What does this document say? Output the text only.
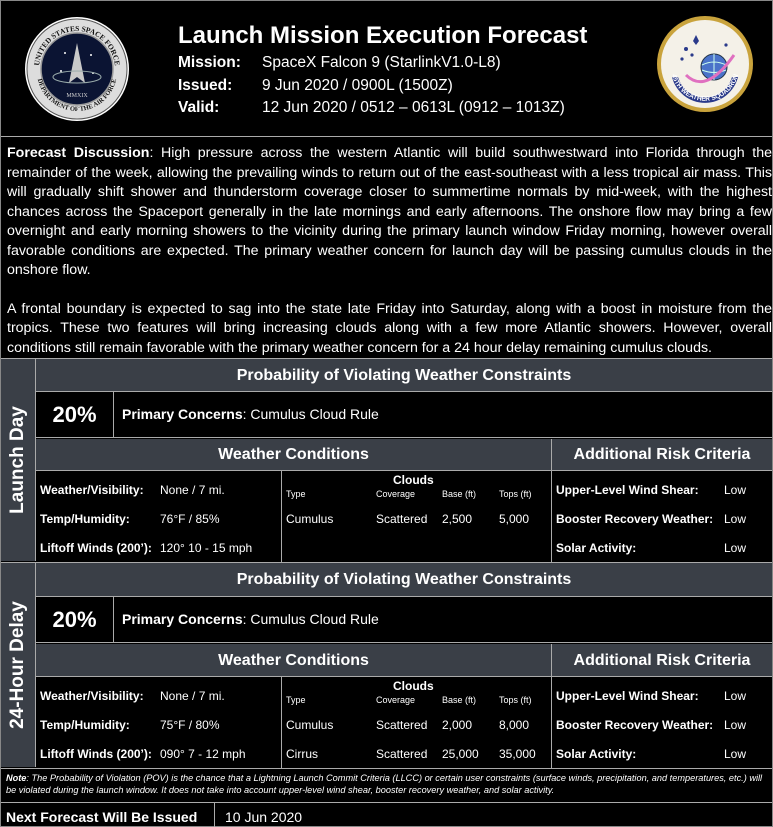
UNITED STATES SPACE FORCE
DEPARTMENT OF THE AIR FORCE
MMXIX
Launch Mission Execution Forecast
Mission: SpaceX Falcon 9 (StarlinkV1.0-L8)
Issued: 9 Jun 2020 / 0900L (1500Z)
Valid:	12 Jun 2020 / 0512 – 0613L (0912 – 1013Z)
45TH WEATHER SQUADRON

Forecast Discussion: High pressure across the western Atlantic will build southwestward into Florida through the remainder of the week, allowing the prevailing winds to return out of the east-southeast with a less tropical air mass. This will gradually shift shower and thunderstorm coverage closer to summertime normals by mid-week, with the highest chances across the Spaceport generally in the late mornings and early afternoons. The onshore flow may bring a few overnight and early morning showers to the vicinity during the primary launch window Friday morning, however overall favorable conditions are expected. The primary weather concern for launch day will be passing cumulus clouds in the onshore flow.

A frontal boundary is expected to sag into the state late Friday into Saturday, along with a boost in moisture from the tropics. These two features will bring increasing clouds along with a few more Atlantic showers. However, overall conditions still remain favorable with the primary weather concern for a 24 hour delay remaining cumulus clouds.

Launch Day
Probability of Violating Weather Constraints
20%	Primary Concerns: Cumulus Cloud Rule
Weather Conditions	Additional Risk Criteria
Weather/Visibility: None / 7 mi.
Temp/Humidity:	76°F / 85%
Liftoff Winds (200’): 120° 10 - 15 mph
Clouds
Type	Coverage	Base (ft)	Tops (ft)
Cumulus	Scattered 2,500 5,000
Upper-Level Wind Shear: Low
Booster Recovery Weather: Low
Solar Activity:	Low
24-Hour Delay
Probability of Violating Weather Constraints
20%	Primary Concerns: Cumulus Cloud Rule
Weather Conditions	Additional Risk Criteria
Weather/Visibility: None / 7 mi.
Temp/Humidity:	75°F / 80%
Liftoff Winds (200’): 090° 7 - 12 mph
Clouds
Type	Coverage	Base (ft)	Tops (ft)
Cumulus	Scattered 2,000 8,000
Cirrus	Scattered 25,000 35,000
Upper-Level Wind Shear: Low
Booster Recovery Weather: Low
Solar Activity:	Low
Note: The Probability of Violation (POV) is the chance that a Lightning Launch Commit Criteria (LLCC) or certain user constraints (surface winds, precipitation, and temperatures, etc.) will be violated during the launch window. It does not take into account upper-level wind shear, booster recovery weather, and solar activity.
Next Forecast Will Be Issued 10 Jun 2020
